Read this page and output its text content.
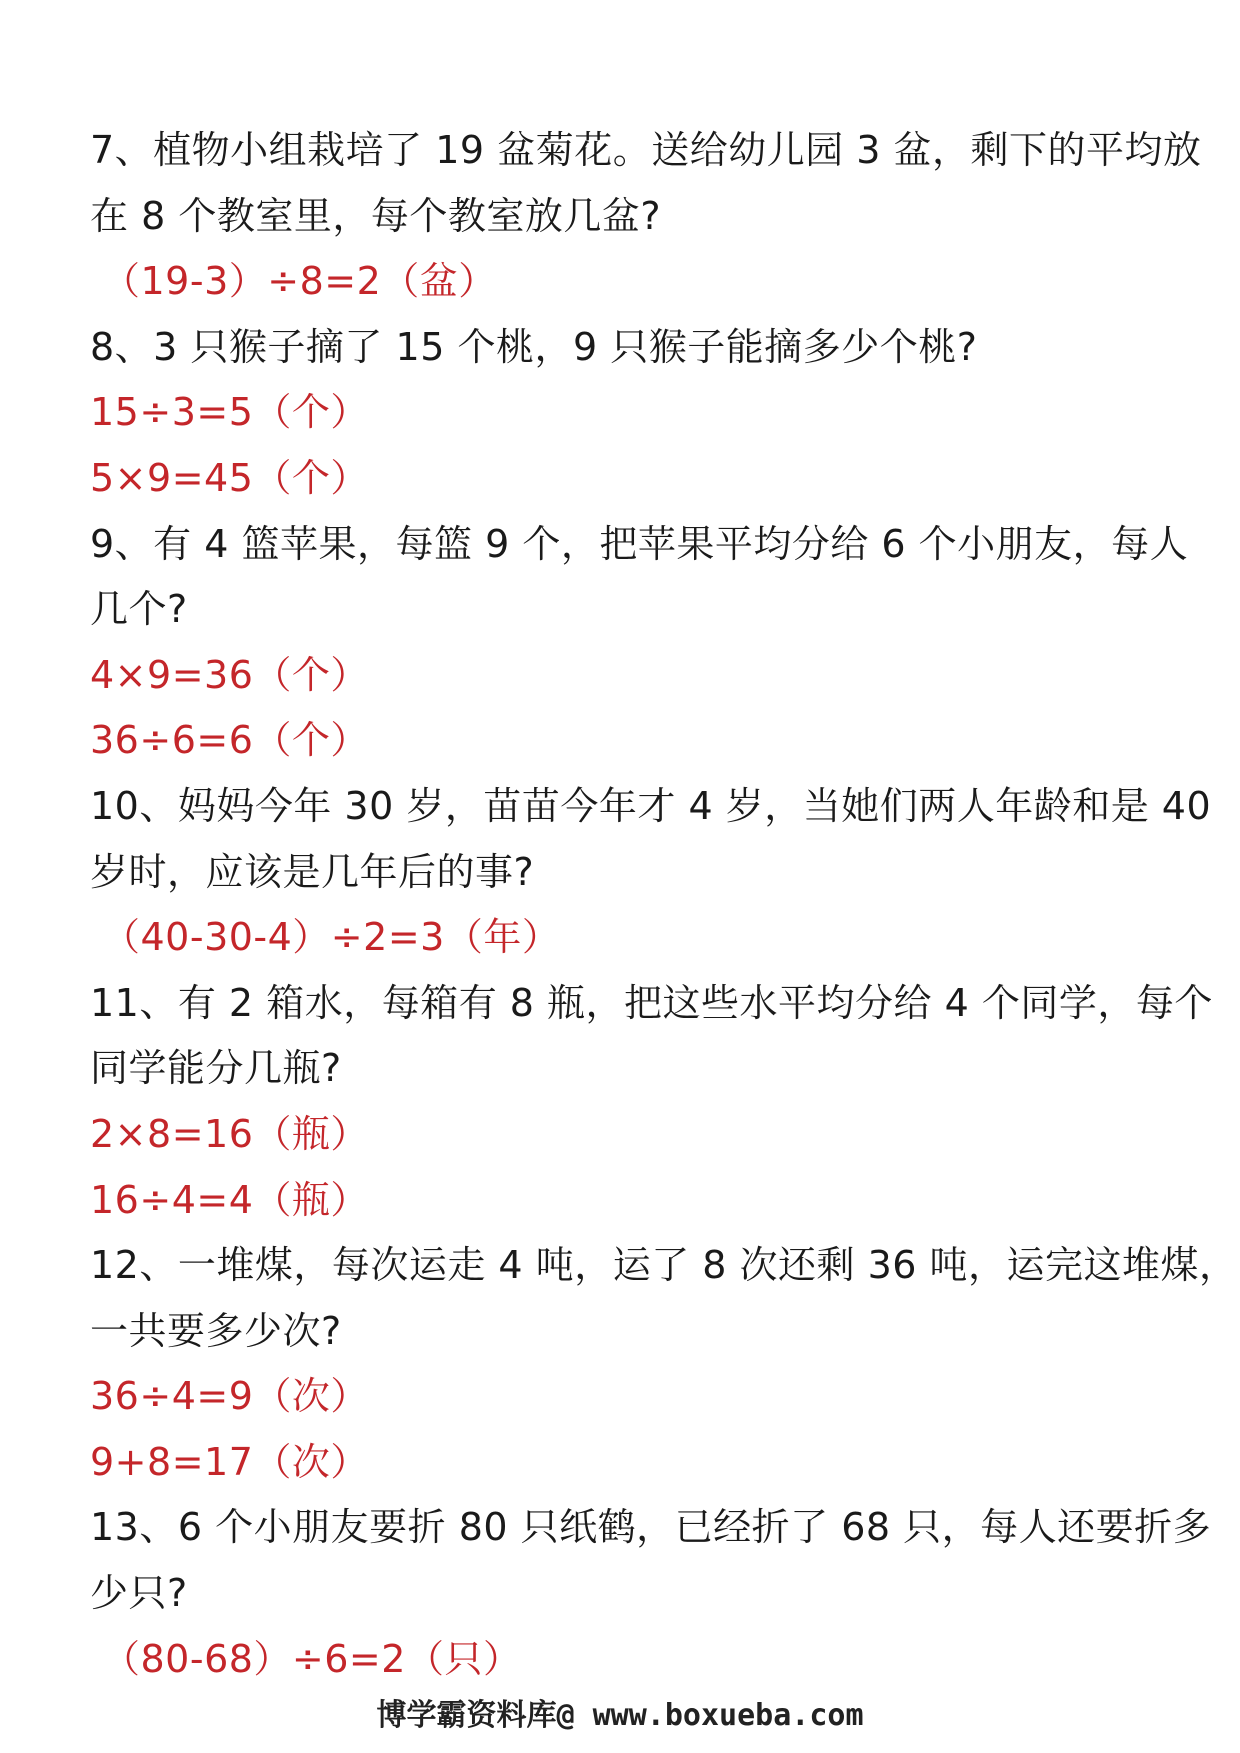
7、植物小组栽培了 19 盆菊花。送给幼儿园 3 盆，剩下的平均放
在 8 个教室里，每个教室放几盆?
（19-3）÷8=2（盆）
8、3 只猴子摘了 15 个桃，9 只猴子能摘多少个桃?
15÷3=5（个）
5×9=45（个）
9、有 4 篮苹果，每篮 9 个，把苹果平均分给 6 个小朋友，每人
几个?
4×9=36（个）
36÷6=6（个）
10、妈妈今年 30 岁，苗苗今年才 4 岁，当她们两人年龄和是 40
岁时，应该是几年后的事?
（40-30-4）÷2=3（年）
11、有 2 箱水，每箱有 8 瓶，把这些水平均分给 4 个同学，每个
同学能分几瓶?
2×8=16（瓶）
16÷4=4（瓶）
12、一堆煤，每次运走 4 吨，运了 8 次还剩 36 吨，运完这堆煤，
一共要多少次?
36÷4=9（次）
9+8=17（次）
13、6 个小朋友要折 80 只纸鹤，已经折了 68 只，每人还要折多
少只?
（80-68）÷6=2（只）
博学霸资料库@ www.boxueba.com
